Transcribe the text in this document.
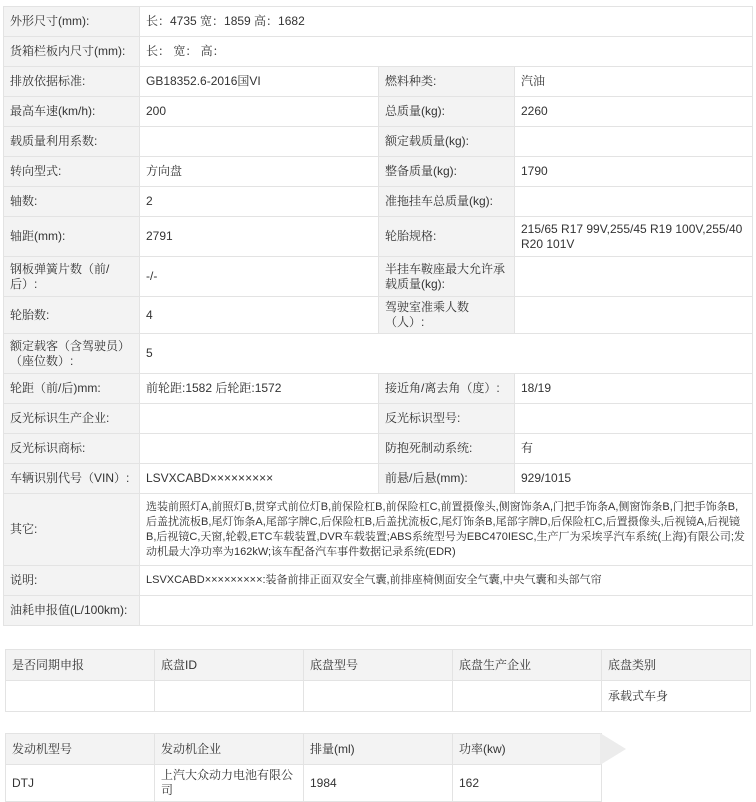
外形尺寸(mm):	长：4735 宽：1859 高：1682		
货箱栏板内尺寸(mm):	长： 宽： 高：		
排放依据标准:	GB18352.6-2016国VI	燃料种类:	汽油
最高车速(km/h):	200	总质量(kg):	2260
载质量利用系数:		额定载质量(kg):	
转向型式:	方向盘	整备质量(kg):	1790
轴数:	2	准拖挂车总质量(kg):	
轴距(mm):	2791	轮胎规格:	215/65 R17 99V,255/45 R19 100V,255/40 R20 101V
钢板弹簧片数（前/后）:	-/-	半挂车鞍座最大允许承载质量(kg):	
轮胎数:	4	驾驶室准乘人数（人）:	
额定载客（含驾驶员）（座位数）:	5		
轮距（前/后)mm:	前轮距:1582 后轮距:1572	接近角/离去角（度）:	18/19
反光标识生产企业:		反光标识型号:	
反光标识商标:		防抱死制动系统:	有
车辆识别代号（VIN）:	LSVXCABD×××××××××	前悬/后悬(mm):	929/1015
其它:	选装前照灯A,前照灯B,贯穿式前位灯B,前保险杠B,前保险杠C,前置摄像头,侧窗饰条A,门把手饰条A,侧窗饰条B,门把手饰条B,后盖扰流板B,尾灯饰条A,尾部字牌C,后保险杠B,后盖扰流板C,尾灯饰条B,尾部字牌D,后保险杠C,后置摄像头,后视镜A,后视镜B,后视镜C,天窗,轮毂,ETC车载装置,DVR车载装置;ABS系统型号为EBC470IESC,生产厂为采埃孚汽车系统(上海)有限公司;发动机最大净功率为162kW;该车配备汽车事件数据记录系统(EDR)		
说明:	LSVXCABD×××××××××:装备前排正面双安全气囊,前排座椅侧面安全气囊,中央气囊和头部气帘		
油耗申报值(L/100km):			
是否同期申报	底盘ID	底盘型号	底盘生产企业	底盘类别
				承载式车身
发动机型号	发动机企业	排量(ml)	功率(kw)	
DTJ	上汽大众动力电池有限公司	1984	162	
